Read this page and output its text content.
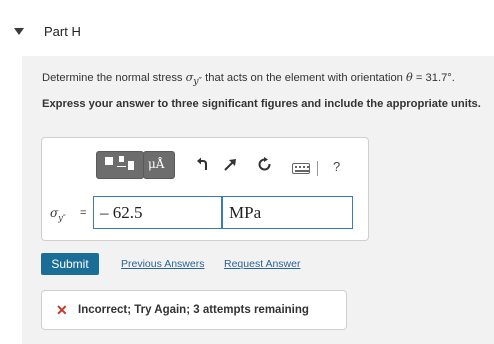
Part H
Determine the normal stress $\sigma_{y''}$ that acts on the element with orientation θ = 31.7°.
Express your answer to three significant figures and include the appropriate units.
μÅ	?
$\sigma_{y''}$ = – 62.5	MPa
Submit	Previous Answers Request Answer
✕ Incorrect; Try Again; 3 attempts remaining
